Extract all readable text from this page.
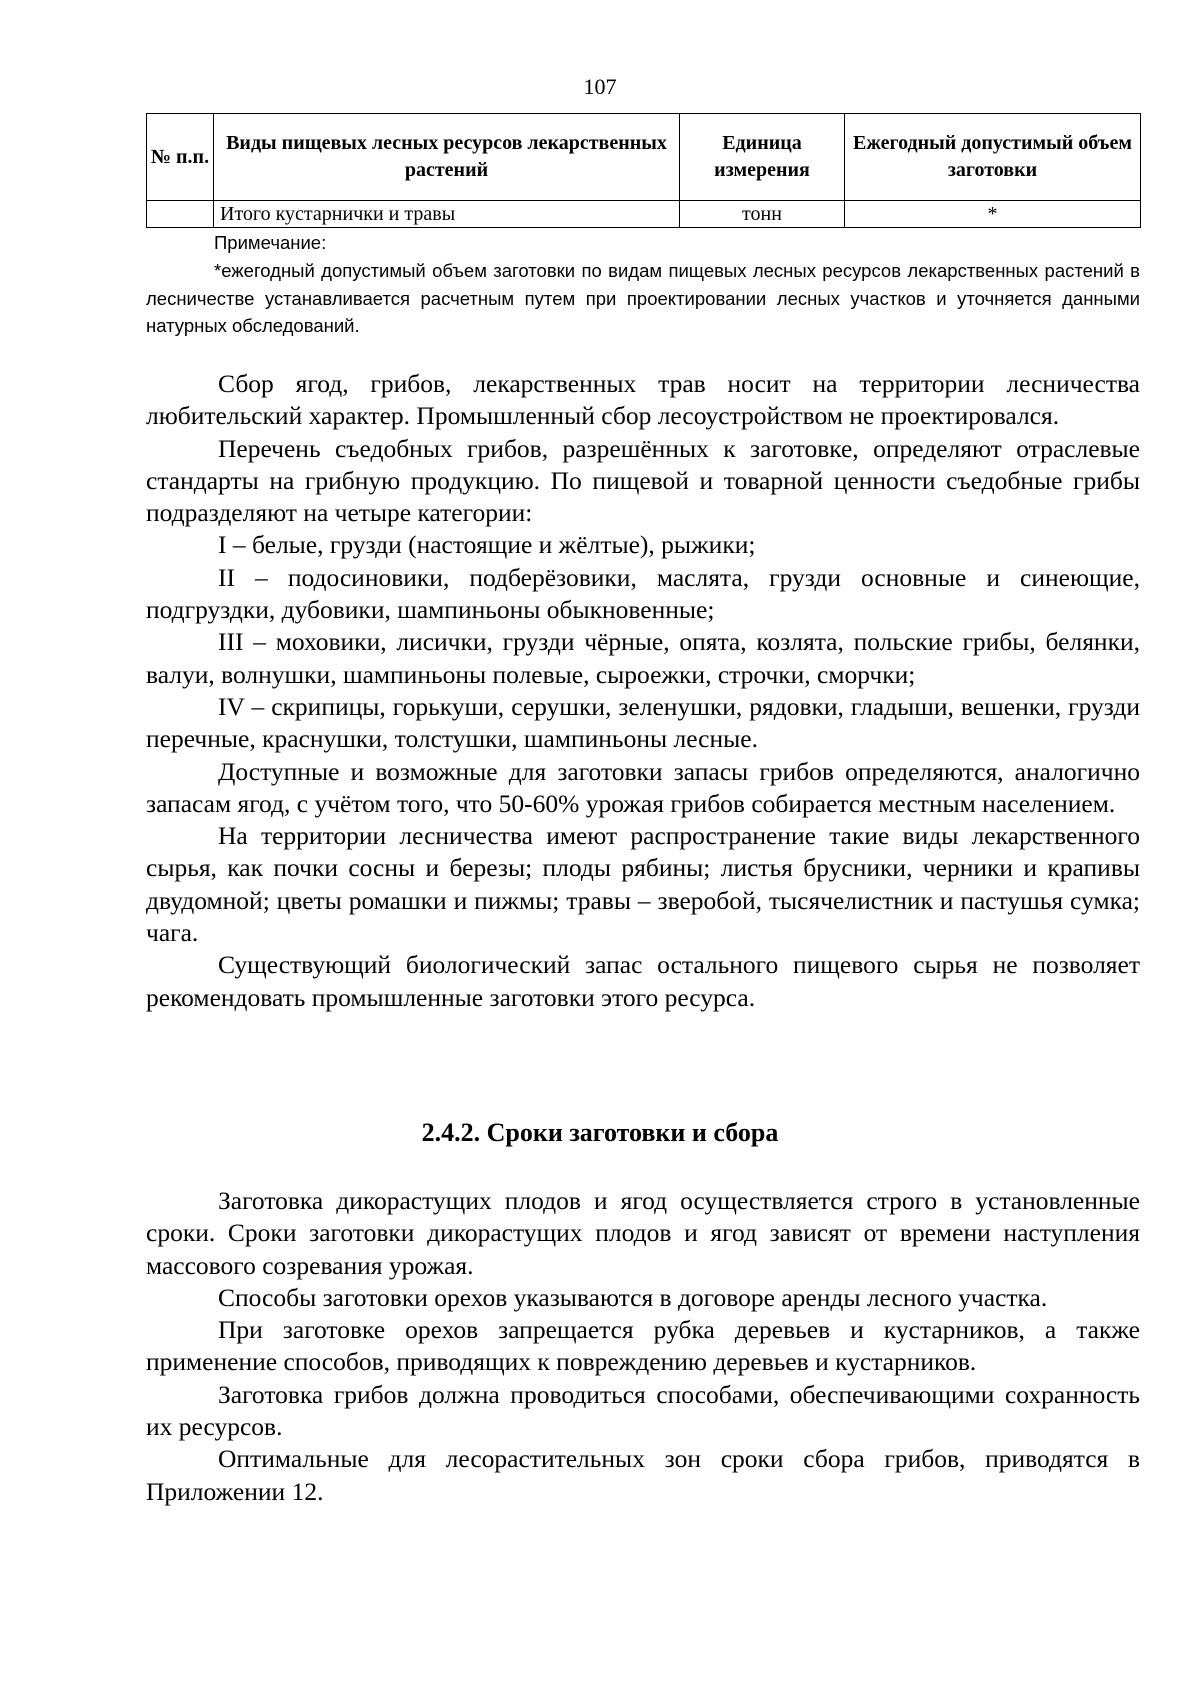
107
№ п.п.	Виды пищевых лесных ресурсов лекарственных растений	Единица измерения	Ежегодный допустимый объем заготовки
	Итого кустарнички и травы	тонн	*
Примечание:
*ежегодный допустимый объем заготовки по видам пищевых лесных ресурсов лекарственных растений в лесничестве устанавливается расчетным путем при проектировании лесных участков и уточняется данными натурных обследований.

Сбор ягод, грибов, лекарственных трав носит на территории лесничества любительский характер. Промышленный сбор лесоустройством не проектировался.

Перечень съедобных грибов, разрешённых к заготовке, определяют отраслевые стандарты на грибную продукцию. По пищевой и товарной ценности съедобные грибы подразделяют на четыре категории:

I – белые, грузди (настоящие и жёлтые), рыжики;

II – подосиновики, подберёзовики, маслята, грузди основные и синеющие, подгруздки, дубовики, шампиньоны обыкновенные;

III – моховики, лисички, грузди чёрные, опята, козлята, польские грибы, белянки, валуи, волнушки, шампиньоны полевые, сыроежки, строчки, сморчки;

IV – скрипицы, горькуши, серушки, зеленушки, рядовки, гладыши, вешенки, грузди перечные, краснушки, толстушки, шампиньоны лесные.

Доступные и возможные для заготовки запасы грибов определяются, аналогично запасам ягод, с учётом того, что 50-60% урожая грибов собирается местным населением.

На территории лесничества имеют распространение такие виды лекарственного сырья, как почки сосны и березы; плоды рябины; листья брусники, черники и крапивы двудомной; цветы ромашки и пижмы; травы – зверобой, тысячелистник и пастушья сумка; чага.

Существующий биологический запас остального пищевого сырья не позволяет рекомендовать промышленные заготовки этого ресурса.

2.4.2. Сроки заготовки и сбора

Заготовка дикорастущих плодов и ягод осуществляется строго в установленные сроки. Сроки заготовки дикорастущих плодов и ягод зависят от времени наступления массового созревания урожая.

Способы заготовки орехов указываются в договоре аренды лесного участка.

При заготовке орехов запрещается рубка деревьев и кустарников, а также применение способов, приводящих к повреждению деревьев и кустарников.

Заготовка грибов должна проводиться способами, обеспечивающими сохранность их ресурсов.

Оптимальные для лесорастительных зон сроки сбора грибов, приводятся в Приложении 12.
